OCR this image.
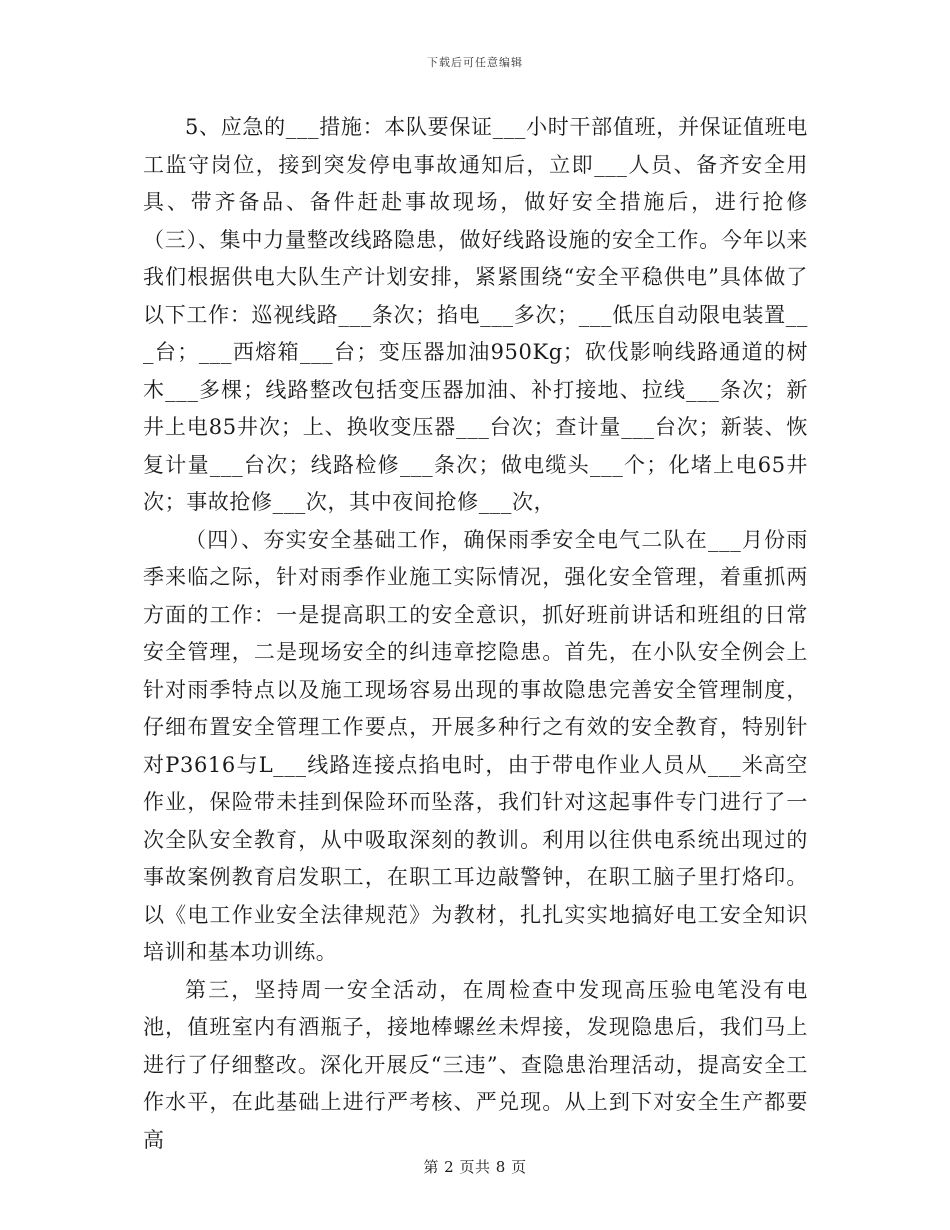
下载后可任意编辑

5、应急的___措施：本队要保证___小时干部值班，并保证值班电工监守岗位，接到突发停电事故通知后，立即___人员、备齐安全用具、带齐备品、备件赶赴事故现场，做好安全措施后，进行抢修（三）、集中力量整改线路隐患，做好线路设施的安全工作。今年以来我们根据供电大队生产计划安排，紧紧围绕“安全平稳供电”具体做了以下工作：巡视线路___条次；掐电___多次；___低压自动限电装置___台；___西熔箱___台；变压器加油950Kg；砍伐影响线路通道的树木___多棵；线路整改包括变压器加油、补打接地、拉线___条次；新井上电85井次；上、换收变压器___台次；查计量___台次；新装、恢复计量___台次；线路检修___条次；做电缆头___个；化堵上电65井次；事故抢修___次，其中夜间抢修___次，

（四）、夯实安全基础工作，确保雨季安全电气二队在___月份雨季来临之际，针对雨季作业施工实际情况，强化安全管理，着重抓两方面的工作：一是提高职工的安全意识，抓好班前讲话和班组的日常安全管理，二是现场安全的纠违章挖隐患。首先，在小队安全例会上针对雨季特点以及施工现场容易出现的事故隐患完善安全管理制度，仔细布置安全管理工作要点，开展多种行之有效的安全教育，特别针对P3616与L___线路连接点掐电时，由于带电作业人员从___米高空作业，保险带未挂到保险环而坠落，我们针对这起事件专门进行了一次全队安全教育，从中吸取深刻的教训。利用以往供电系统出现过的事故案例教育启发职工，在职工耳边敲警钟，在职工脑子里打烙印。以《电工作业安全法律规范》为教材，扎扎实实地搞好电工安全知识培训和基本功训练。

第三，坚持周一安全活动，在周检查中发现高压验电笔没有电池，值班室内有酒瓶子，接地棒螺丝未焊接，发现隐患后，我们马上进行了仔细整改。深化开展反“三违”、查隐患治理活动，提高安全工作水平，在此基础上进行严考核、严兑现。从上到下对安全生产都要高

第 2 页共 8 页
